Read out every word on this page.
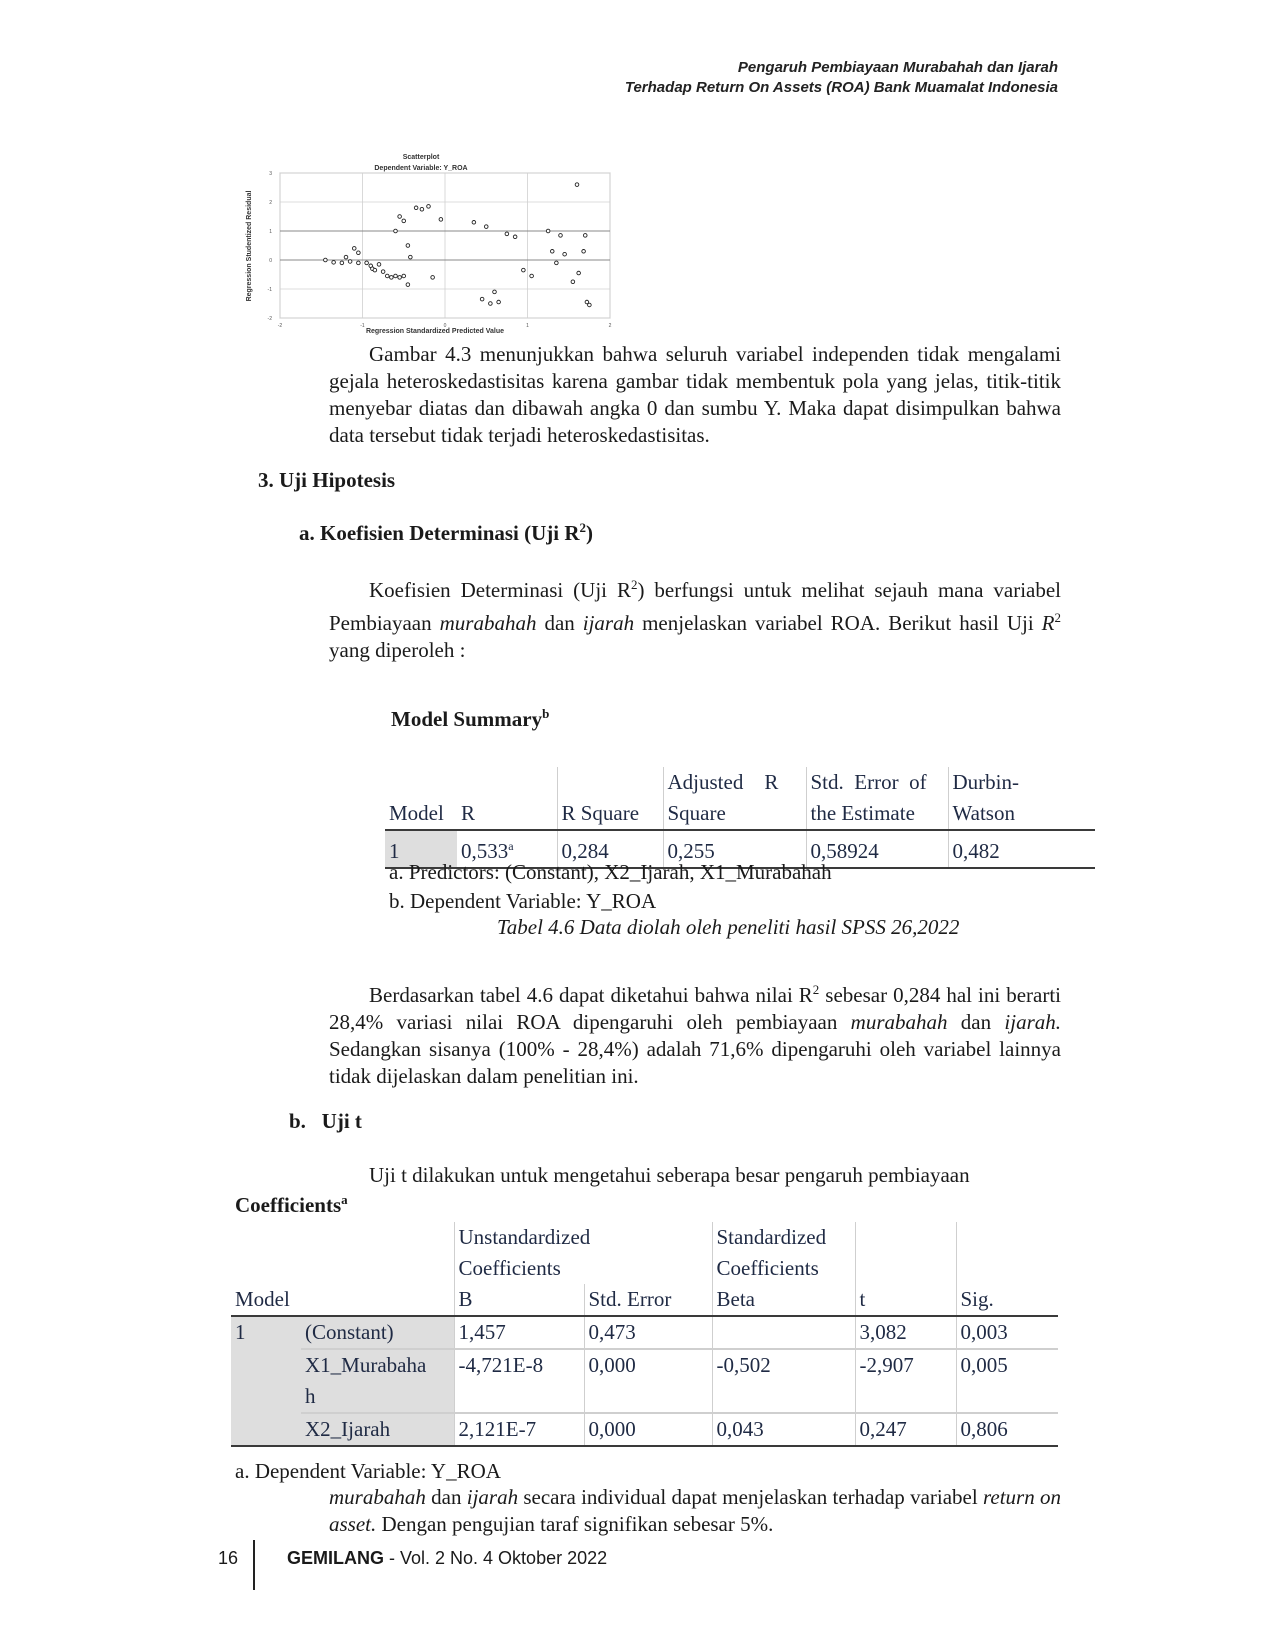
Pengaruh Pembiayaan Murabahah dan Ijarah
Terhadap Return On Assets (ROA) Bank Muamalat Indonesia
Scatterplot
Dependent Variable: Y_ROA
Regression Studentized Residual
Regression Standardized Predicted Value
-2	-1	0	1	2
3
2
1
0
-1
-2
Gambar 4.3 menunjukkan bahwa seluruh variabel independen tidak mengalami gejala heteroskedastisitas karena gambar tidak membentuk pola yang jelas, titik-titik menyebar diatas dan dibawah angka 0 dan sumbu Y. Maka dapat disimpulkan bahwa data tersebut tidak terjadi heteroskedastisitas.
3. Uji Hipotesis
a. Koefisien Determinasi (Uji $R^2$)
Koefisien Determinasi (Uji $R^2$) berfungsi untuk melihat sejauh mana variabel Pembiayaan murabahah dan ijarah menjelaskan variabel ROA. Berikut hasil Uji $R^2$ yang diperoleh :
Model Summary$^b$
			Adjusted    R	Std.  Error  of	Durbin-
Model	R	R Square	Square	the Estimate	Watson
1	0,533$^a$	0,284	0,255	0,58924	0,482
a. Predictors: (Constant), X2_Ijarah, X1_Murabahah
b. Dependent Variable: Y_ROA
Tabel 4.6 Data diolah oleh peneliti hasil SPSS 26,2022
Berdasarkan tabel 4.6 dapat diketahui bahwa nilai $R^2$ sebesar 0,284 hal ini berarti 28,4% variasi nilai ROA dipengaruhi oleh pembiayaan murabahah dan ijarah. Sedangkan sisanya (100% - 28,4%) adalah 71,6% dipengaruhi oleh variabel lainnya tidak dijelaskan dalam penelitian ini.
b.   Uji t
Uji t dilakukan untuk mengetahui seberapa besar pengaruh pembiayaan
Coefficients$^a$
		Unstandardized		Standardized		
		Coefficients		Coefficients		
Model		B	Std. Error	Beta	t	Sig.
1	(Constant)	1,457	0,473		3,082	0,003

	X1_Murabaha
h	-4,721E-8	0,000	-0,502	-2,907	0,005
	X2_Ijarah	2,121E-7	0,000	0,043	0,247	0,806
a. Dependent Variable: Y_ROA
murabahah dan ijarah secara individual dapat menjelaskan terhadap variabel return on asset. Dengan pengujian taraf signifikan sebesar 5%.
16	GEMILANG - Vol. 2 No. 4 Oktober 2022
